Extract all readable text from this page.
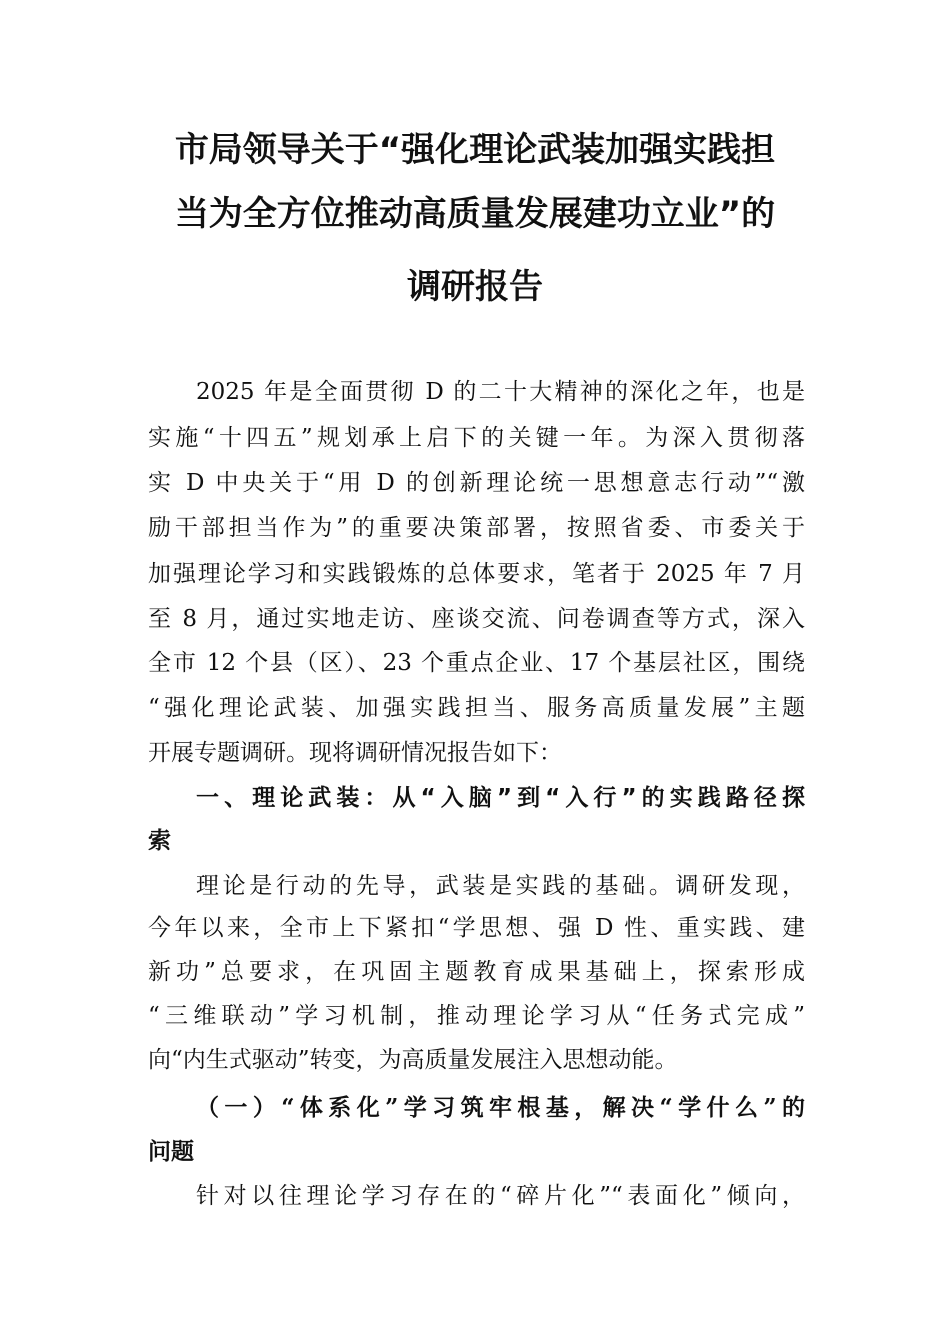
市局领导关于“强化理论武装加强实践担
当为全方位推动高质量发展建功立业”的
调研报告
2025 年是全面贯彻 D 的二十大精神的深化之年，也是
实施“十四五”规划承上启下的关键一年。为深入贯彻落
实 D 中央关于“用 D 的创新理论统一思想意志行动”“激
励干部担当作为”的重要决策部署，按照省委、市委关于
加强理论学习和实践锻炼的总体要求，笔者于 2025 年 7 月
至 8 月，通过实地走访、座谈交流、问卷调查等方式，深入
全市 12 个县（区）、23 个重点企业、17 个基层社区，围绕
“强化理论武装、加强实践担当、服务高质量发展”主题
开展专题调研。现将调研情况报告如下：
一、理论武装：从“入脑”到“入行”的实践路径探
索
理论是行动的先导，武装是实践的基础。调研发现，
今年以来，全市上下紧扣“学思想、强 D 性、重实践、建
新功”总要求，在巩固主题教育成果基础上，探索形成
“三维联动”学习机制，推动理论学习从“任务式完成”
向“内生式驱动”转变，为高质量发展注入思想动能。
（一）“体系化”学习筑牢根基，解决“学什么”的
问题
针对以往理论学习存在的“碎片化”“表面化”倾向，
